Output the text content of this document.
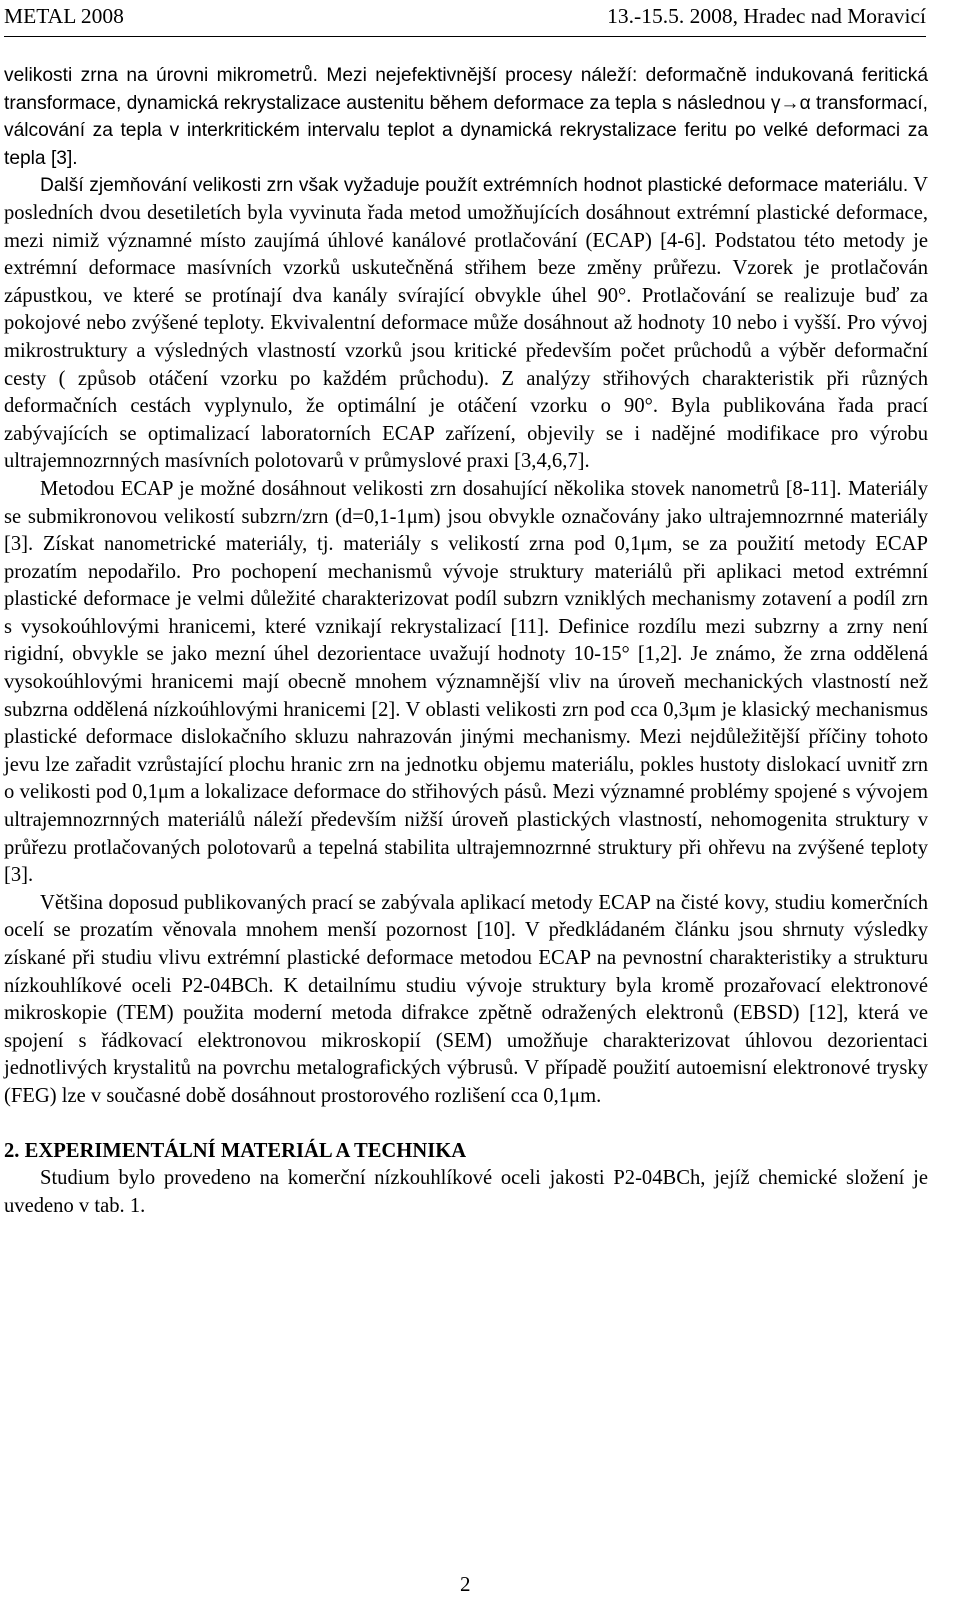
METAL 2008	13.-15.5. 2008, Hradec nad Moravicí

velikosti zrna na úrovni mikrometrů. Mezi nejefektivnější procesy náleží: deformačně indukovaná feritická transformace, dynamická rekrystalizace austenitu během deformace za tepla s následnou γ→α transformací, válcování za tepla v interkritickém intervalu teplot a dynamická rekrystalizace feritu po velké deformaci za tepla [3].

Další zjemňování velikosti zrn však vyžaduje použít extrémních hodnot plastické deformace materiálu. V posledních dvou desetiletích byla vyvinuta řada metod umožňujících dosáhnout extrémní plastické deformace, mezi nimiž významné místo zaujímá úhlové kanálové protlačování (ECAP) [4-6]. Podstatou této metody je extrémní deformace masívních vzorků uskutečněná střihem beze změny průřezu. Vzorek je protlačován zápustkou, ve které se protínají dva kanály svírající obvykle úhel 90°. Protlačování se realizuje buď za pokojové nebo zvýšené teploty. Ekvivalentní deformace může dosáhnout až hodnoty 10 nebo i vyšší. Pro vývoj mikrostruktury a výsledných vlastností vzorků jsou kritické především počet průchodů a výběr deformační cesty ( způsob otáčení vzorku po každém průchodu). Z analýzy střihových charakteristik při různých deformačních cestách vyplynulo, že optimální je otáčení vzorku o 90°. Byla publikována řada prací zabývajících se optimalizací laboratorních ECAP zařízení, objevily se i nadějné modifikace pro výrobu ultrajemnozrnných masívních polotovarů v průmyslové praxi [3,4,6,7].

Metodou ECAP je možné dosáhnout velikosti zrn dosahující několika stovek nanometrů [8-11]. Materiály se submikronovou velikostí subzrn/zrn (d=0,1-1μm) jsou obvykle označovány jako ultrajemnozrnné materiály [3]. Získat nanometrické materiály, tj. materiály s velikostí zrna pod 0,1μm, se za použití metody ECAP prozatím nepodařilo. Pro pochopení mechanismů vývoje struktury materiálů při aplikaci metod extrémní plastické deformace je velmi důležité charakterizovat podíl subzrn vzniklých mechanismy zotavení a podíl zrn s vysokoúhlovými hranicemi, které vznikají rekrystalizací [11]. Definice rozdílu mezi subzrny a zrny není rigidní, obvykle se jako mezní úhel dezorientace uvažují hodnoty 10-15° [1,2]. Je známo, že zrna oddělená vysokoúhlovými hranicemi mají obecně mnohem významnější vliv na úroveň mechanických vlastností než subzrna oddělená nízkoúhlovými hranicemi [2]. V oblasti velikosti zrn pod cca 0,3μm je klasický mechanismus plastické deformace dislokačního skluzu nahrazován jinými mechanismy. Mezi nejdůležitější příčiny tohoto jevu lze zařadit vzrůstající plochu hranic zrn na jednotku objemu materiálu, pokles hustoty dislokací uvnitř zrn o velikosti pod 0,1μm a lokalizace deformace do střihových pásů. Mezi významné problémy spojené s vývojem ultrajemnozrnných materiálů náleží především nižší úroveň plastických vlastností, nehomogenita struktury v průřezu protlačovaných polotovarů a tepelná stabilita ultrajemnozrnné struktury při ohřevu na zvýšené teploty [3].

Většina doposud publikovaných prací se zabývala aplikací metody ECAP na čisté kovy, studiu komerčních ocelí se prozatím věnovala mnohem menší pozornost [10]. V předkládaném článku jsou shrnuty výsledky získané při studiu vlivu extrémní plastické deformace metodou ECAP na pevnostní charakteristiky a strukturu nízkouhlíkové oceli P2-04BCh. K detailnímu studiu vývoje struktury byla kromě prozařovací elektronové mikroskopie (TEM) použita moderní metoda difrakce zpětně odražených elektronů (EBSD) [12], která ve spojení s řádkovací elektronovou mikroskopií (SEM) umožňuje charakterizovat úhlovou dezorientaci jednotlivých krystalitů na povrchu metalografických výbrusů. V případě použití autoemisní elektronové trysky (FEG) lze v současné době dosáhnout prostorového rozlišení cca 0,1μm.

2. EXPERIMENTÁLNÍ MATERIÁL A TECHNIKA

Studium bylo provedeno na komerční nízkouhlíkové oceli jakosti P2-04BCh, jejíž chemické složení je uvedeno v tab. 1.

2
